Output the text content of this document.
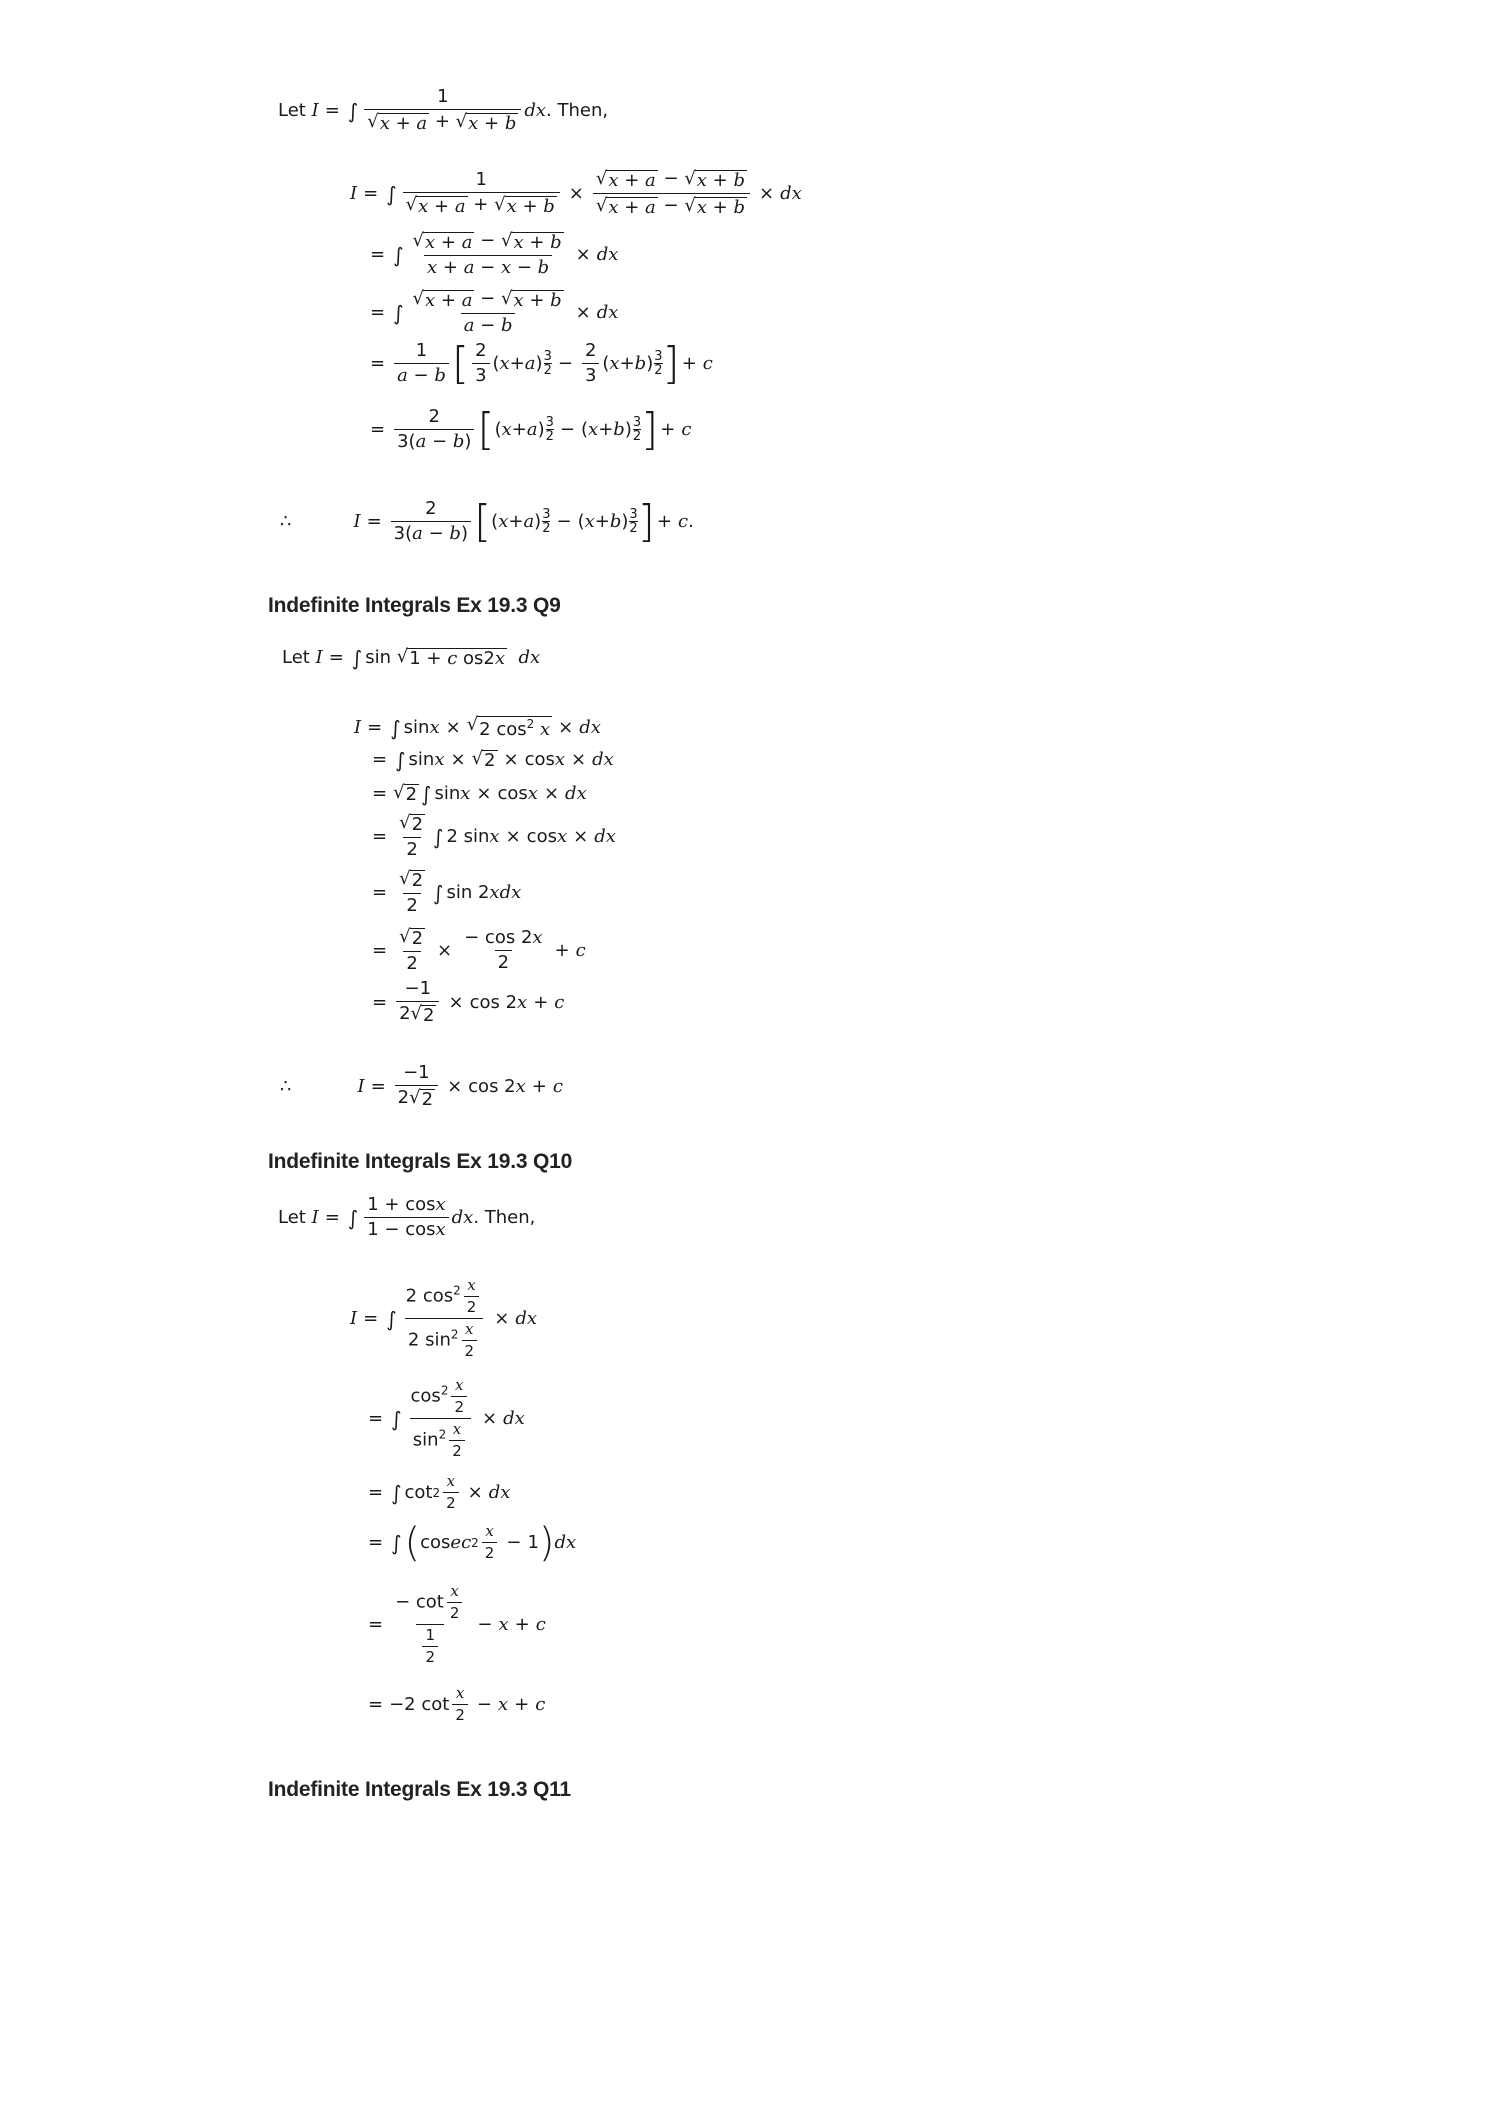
Let
I = ∫ $\frac{1}{√ x + a + √ x + b}$ dx . Then,
I = ∫ $\frac{1}{√ x + a + √ x + b} \times \frac{√ x + a - √ x + b}{√ x + a - √ x + b}$ × dx
= ∫ $\frac{√ x + a - √ x + b}{x + a - x - b}$ × dx
= ∫ $\frac{√ x + a - √ x + b}{a - b}$ × dx
= $\frac{1}{a - b}$ [ $\frac{2}{3}$ ( x + a ) 3
$2 - \frac{2}{3}$ ( x + b ) 3
2 ] + c
= $\frac{2}{3(a - b)}$ [ ( x + a ) 3
2 − ( x + b ) 3
2 ] + c
∴	$I = \frac{2}{3(a - b)}$ [ ( x + a ) 3
2 − ( x + b ) 3
2 ] + c .
Indefinite Integrals Ex 19.3 Q9
Let
I = ∫ sin √ 1 + c os2x
dx
I = ∫ sin x × √ 2 $\cos^2 x$ × dx
= ∫ sin x × √ 2 × cos x × dx
= √ 2 ∫ sin x × cos x × dx
= $\frac{√ 2}{2}$ ∫ 2 sin x × cos x × dx
= $\frac{√ 2}{2}$ ∫ sin 2 x dx
= $\frac{√ 2}{2} \times \frac{- \cos 2x}{2} + c$
= $\frac{-1}{2 √ 2} \times \cos 2$ x + c
∴	$I = \frac{-1}{2 √ 2} \times \cos 2$ x + c
Indefinite Integrals Ex 19.3 Q10
Let
I = ∫ $\frac{1 + \cos x}{1 - \cos x}$ dx . Then,
I = ∫ $\frac{2 \cos^2 \frac{x}{2}}{2 \sin^2 \frac{x}{2}}$ × dx
= ∫ $\frac{\cos^2 \frac{x}{2}}{\sin^2 \frac{x}{2}}$ × dx
= ∫ $\cot 2 \frac{x}{2}$ × dx
= ∫ ( cos ec $2 \frac{x}{2} - 1$ ) dx
= $\frac{- \cot \frac{x}{2}}{\frac{1}{2}} - x + c$
= −2 $\cot \frac{x}{2} - x + c$
Indefinite Integrals Ex 19.3 Q11
